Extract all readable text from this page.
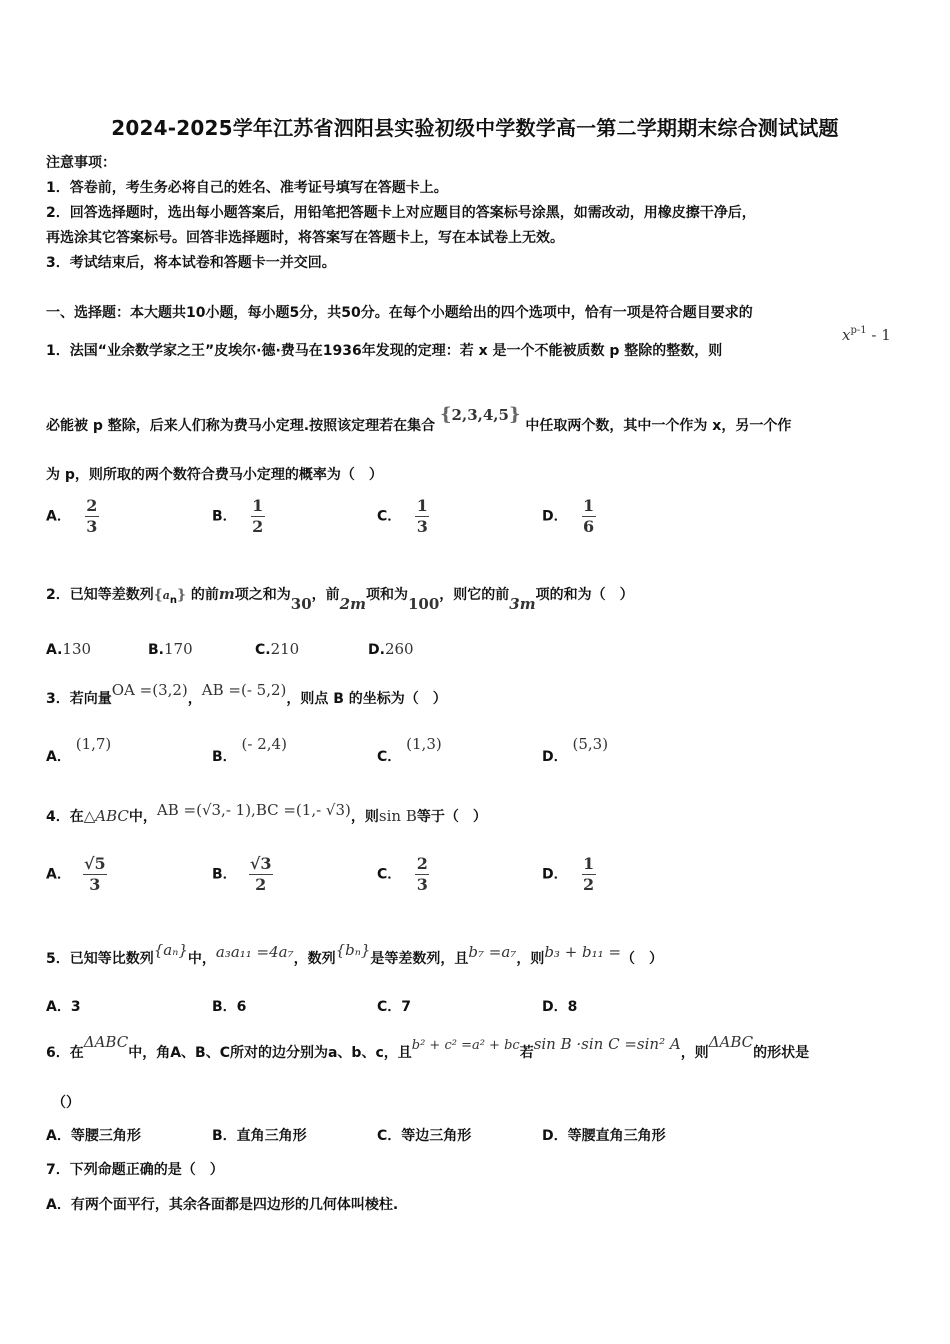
2024-2025学年江苏省泗阳县实验初级中学数学高一第二学期期末综合测试试题
注意事项：
1．答卷前，考生务必将自己的姓名、准考证号填写在答题卡上。
2．回答选择题时，选出每小题答案后，用铅笔把答题卡上对应题目的答案标号涂黑，如需改动，用橡皮擦干净后，
再选涂其它答案标号。回答非选择题时，将答案写在答题卡上，写在本试卷上无效。
3．考试结束后，将本试卷和答题卡一并交回。
一、选择题：本大题共10小题，每小题5分，共50分。在每个小题给出的四个选项中，恰有一项是符合题目要求的
1．法国“业余数学家之王”皮埃尔·德·费马在1936年发现的定理：若 x 是一个不能被质数 p 整除的整数，则
$x^{p-1} - 1$
必能被 p 整除，后来人们称为费马小定理.按照该定理若在集合 {2,3,4,5} 中任取两个数，其中一个作为 x，另一个作
为 p，则所取的两个数符合费马小定理的概率为（　）
A． $\frac{2}{3}$	B． $\frac{1}{2}$	C． $\frac{1}{3}$	D． $\frac{1}{6}$
2．已知等差数列$\{a_n\}$ 的前m项之和为30，前2m项和为100，则它的前3m项的和为（　）
A.130	B.170	C.210	D.260
3．若向量OA =(3,2)，AB =(- 5,2)，则点 B 的坐标为（　）
A． (1,7)
B． (- 2,4)
C． (1,3)
D． (5,3)
4．在△ABC中，AB =(√3,- 1),BC =(1,- √3)，则sin B等于（　）
A． $\frac{√5}{3}$	B． $\frac{√3}{2}$	C． $\frac{2}{3}$	D． $\frac{1}{2}$
5．已知等比数列{aₙ}中，a₃a₁₁ =4a₇，数列{bₙ}是等差数列，且b₇ =a₇，则b₃ + b₁₁ =（　）
A．3	B．6	C．7	D．8
6．在ΔABC中，角A、B、C所对的边分别为a、b、c，且b² + c² =a² + bc若sin B ·sin C =sin² A，则ΔABC的形状是
（）
A．等腰三角形	B．直角三角形	C．等边三角形	D．等腰直角三角形
7．下列命题正确的是（　）
A．有两个面平行，其余各面都是四边形的几何体叫棱柱.
